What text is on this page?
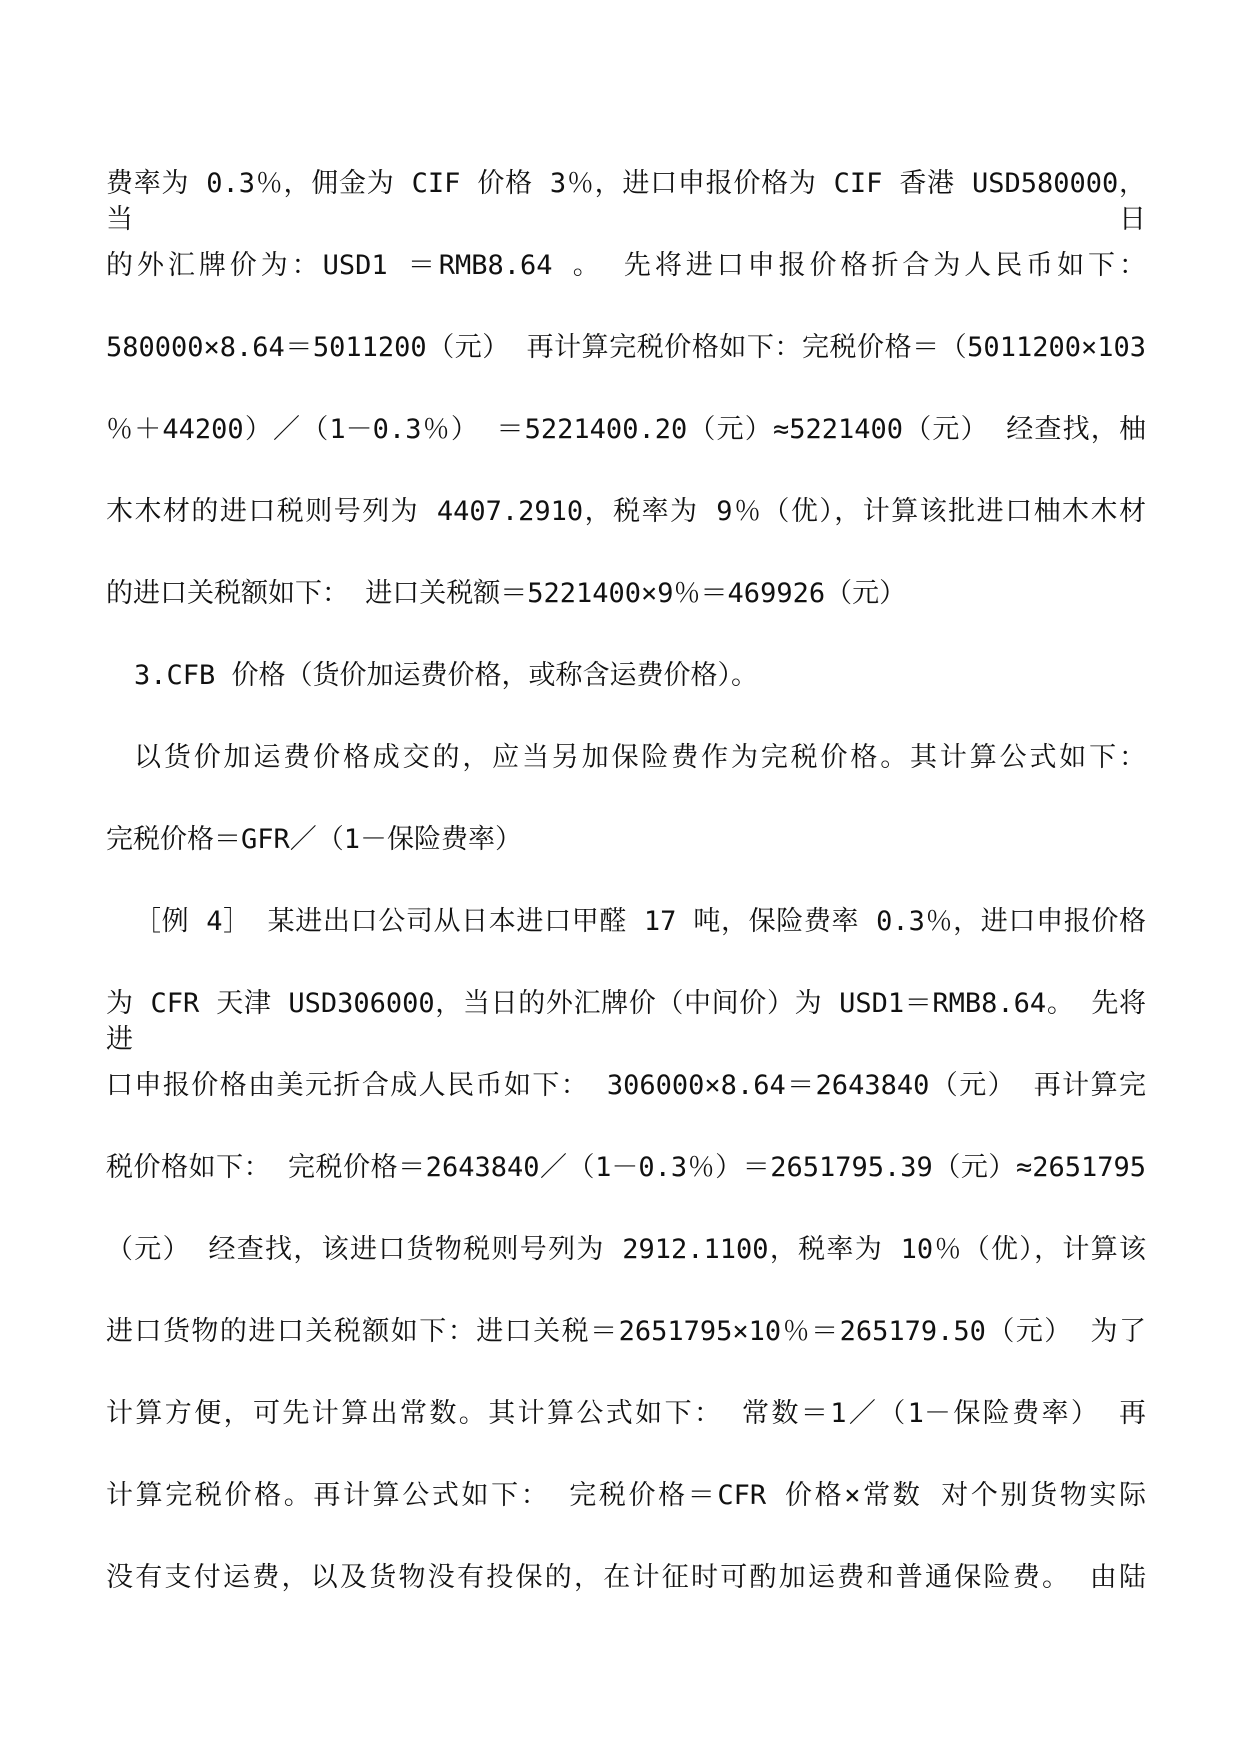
费率为 0.3％，佣金为 CIF 价格 3％，进口申报价格为 CIF 香港 USD580000，当日
的外汇牌价为：USD1 ＝RMB8.64 。 先将进口申报价格折合为人民币如下：
580000×8.64＝5011200（元） 再计算完税价格如下：完税价格＝（5011200×103
％＋44200）／（1－0.3％） ＝5221400.20（元）≈5221400（元） 经查找，柚
木木材的进口税则号列为 4407.2910，税率为 9％（优），计算该批进口柚木木材
的进口关税额如下： 进口关税额＝5221400×9％＝469926（元）
3.CFB 价格（货价加运费价格，或称含运费价格）。
以货价加运费价格成交的，应当另加保险费作为完税价格。其计算公式如下：
完税价格＝GFR／（1－保险费率）
［例 4］ 某进出口公司从日本进口甲醛 17 吨，保险费率 0.3％，进口申报价格
为 CFR 天津 USD306000，当日的外汇牌价（中间价）为 USD1＝RMB8.64。 先将进
口申报价格由美元折合成人民币如下： 306000×8.64＝2643840（元） 再计算完
税价格如下： 完税价格＝2643840／（1－0.3％）＝2651795.39（元）≈2651795
（元） 经查找，该进口货物税则号列为 2912.1100，税率为 10％（优），计算该
进口货物的进口关税额如下：进口关税＝2651795×10％＝265179.50（元） 为了
计算方便，可先计算出常数。其计算公式如下： 常数＝1／（1－保险费率） 再
计算完税价格。再计算公式如下： 完税价格＝CFR 价格×常数 对个别货物实际
没有支付运费，以及货物没有投保的，在计征时可酌加运费和普通保险费。 由陆
